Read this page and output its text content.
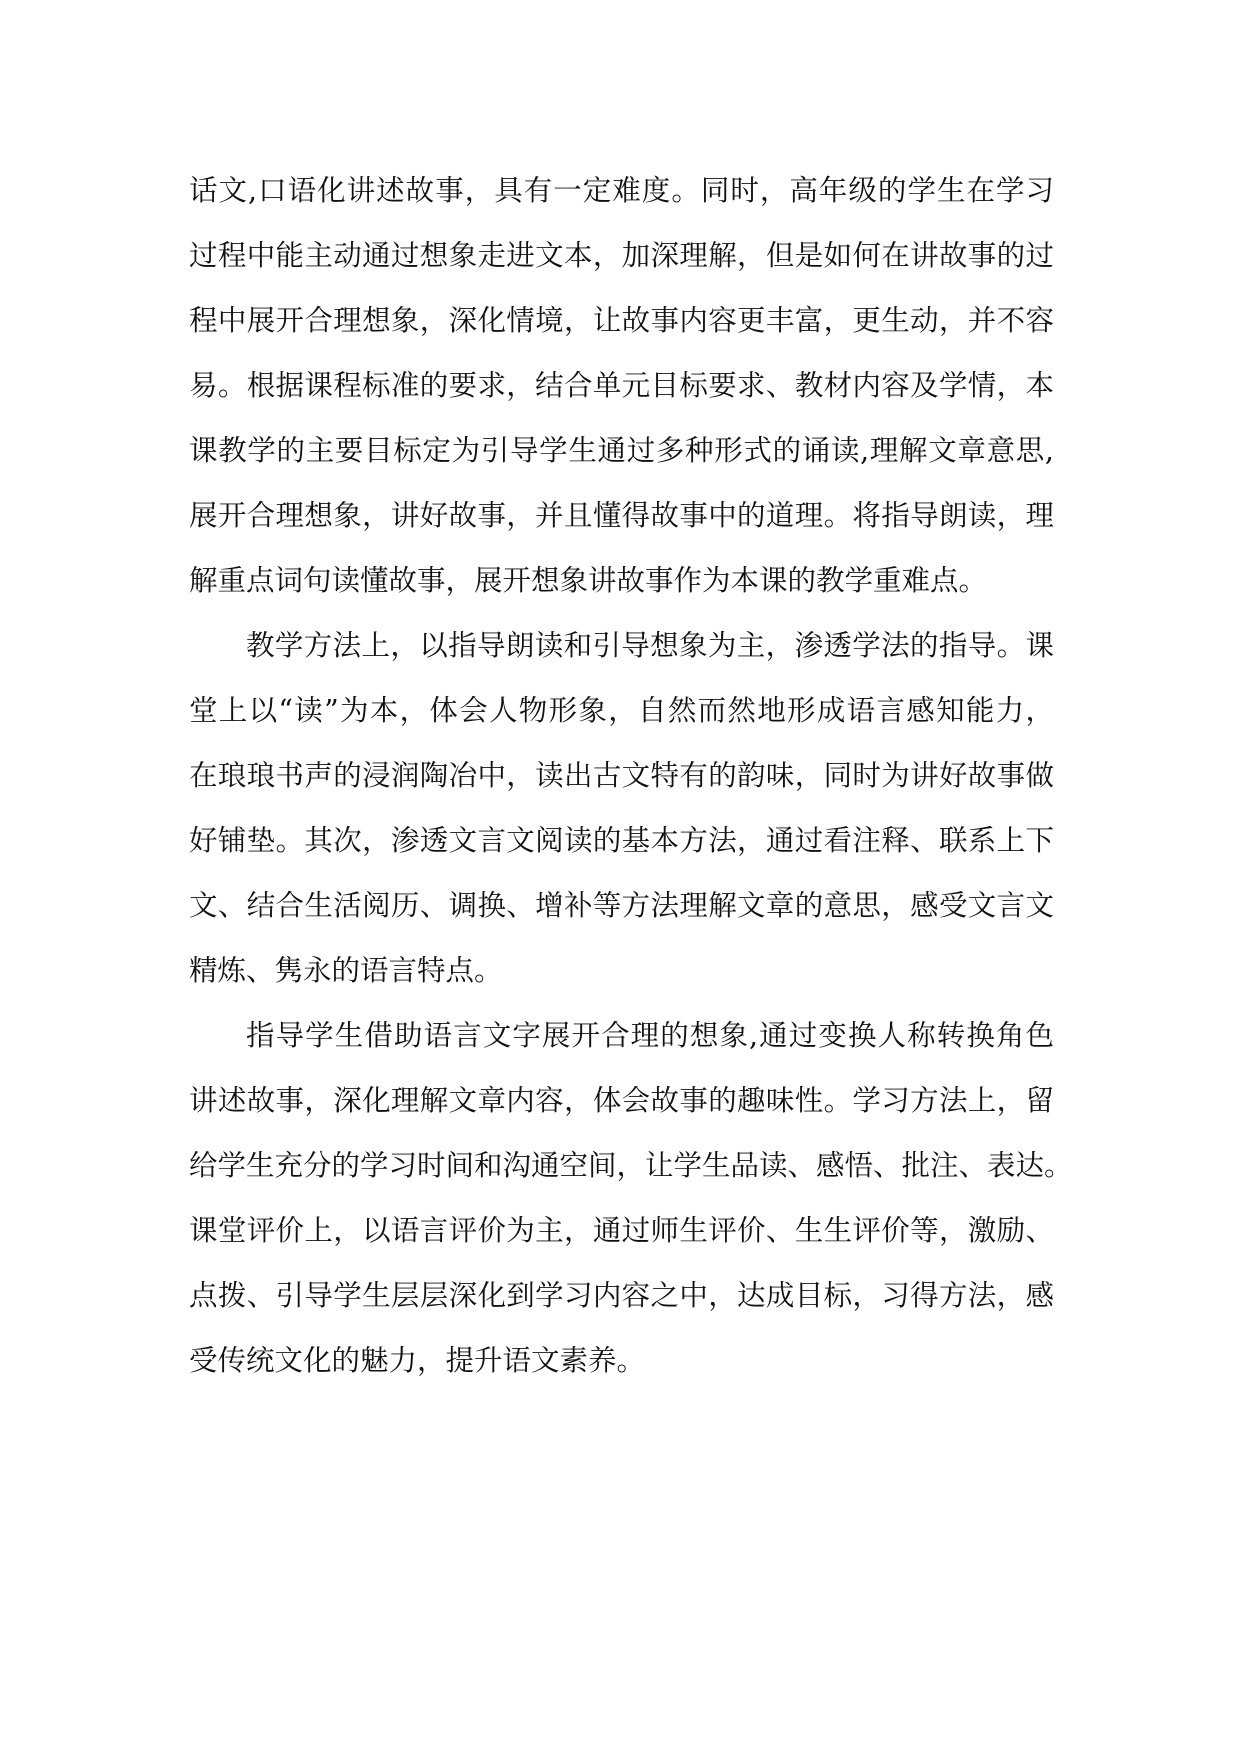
话文,口语化讲述故事，具有一定难度。同时，高年级的学生在学习
过程中能主动通过想象走进文本，加深理解，但是如何在讲故事的过
程中展开合理想象，深化情境，让故事内容更丰富，更生动，并不容
易。根据课程标准的要求，结合单元目标要求、教材内容及学情，本
课教学的主要目标定为引导学生通过多种形式的诵读,理解文章意思,
展开合理想象，讲好故事，并且懂得故事中的道理。将指导朗读，理
解重点词句读懂故事，展开想象讲故事作为本课的教学重难点。
教学方法上，以指导朗读和引导想象为主，渗透学法的指导。课
堂上以“读”为本，体会人物形象，自然而然地形成语言感知能力，
在琅琅书声的浸润陶冶中，读出古文特有的韵味，同时为讲好故事做
好铺垫。其次，渗透文言文阅读的基本方法，通过看注释、联系上下
文、结合生活阅历、调换、增补等方法理解文章的意思，感受文言文
精炼、隽永的语言特点。
指导学生借助语言文字展开合理的想象,通过变换人称转换角色
讲述故事，深化理解文章内容，体会故事的趣味性。学习方法上，留
给学生充分的学习时间和沟通空间，让学生品读、感悟、批注、表达。
课堂评价上，以语言评价为主，通过师生评价、生生评价等，激励、
点拨、引导学生层层深化到学习内容之中，达成目标，习得方法，感
受传统文化的魅力，提升语文素养。
